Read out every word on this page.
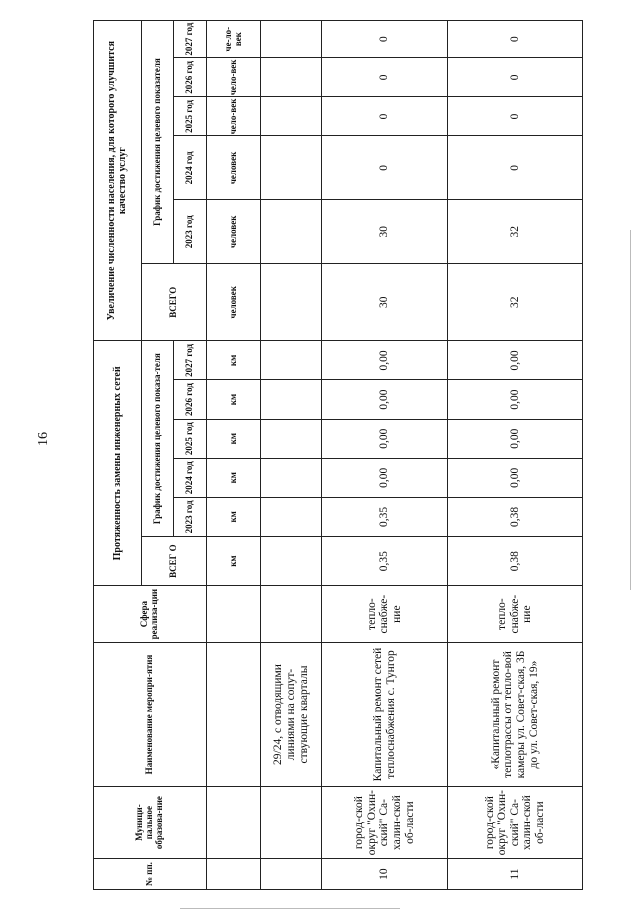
16
№ пп.	Муници-пальное образова-ние	Наименование меропри-ятия	Сфера реализа-ции	Протяженность замены инженерных сетей						Увеличение численности населения, для которого улучшится качество услуг					
				ВСЕГ О	График достижения целевого показа-теля					ВСЕГО	График достижения целевого показателя				
					2023 год	2024 год	2025 год	2026 год	2027 год		2023 год	2024 год	2025 год	2026 год	2027 год
				км	км	км	км	км	км	человек	человек	человек	чело-век	чело-век	че-ло-век
		29/24, с отводящими линиями на сопут-ствующие кварталы													
10	город-ской округ "Охин-ский" Са-халин-ской об-ласти	Капитальный ремонт сетей теплоснабжения с. Тунгор	тепло-снабже-ние	0,35	0,35	0,00	0,00	0,00	0,00	30	30	0	0	0	0
11	город-ской округ "Охин-ский" Са-халин-ской об-ласти	«Капитальный ремонт теплотрассы от тепло-вой камеры ул. Совет-ская, 3Б до ул. Совет-ская, 19»	тепло-снабже-ние	0,38	0,38	0,00	0,00	0,00	0,00	32	32	0	0	0	0
